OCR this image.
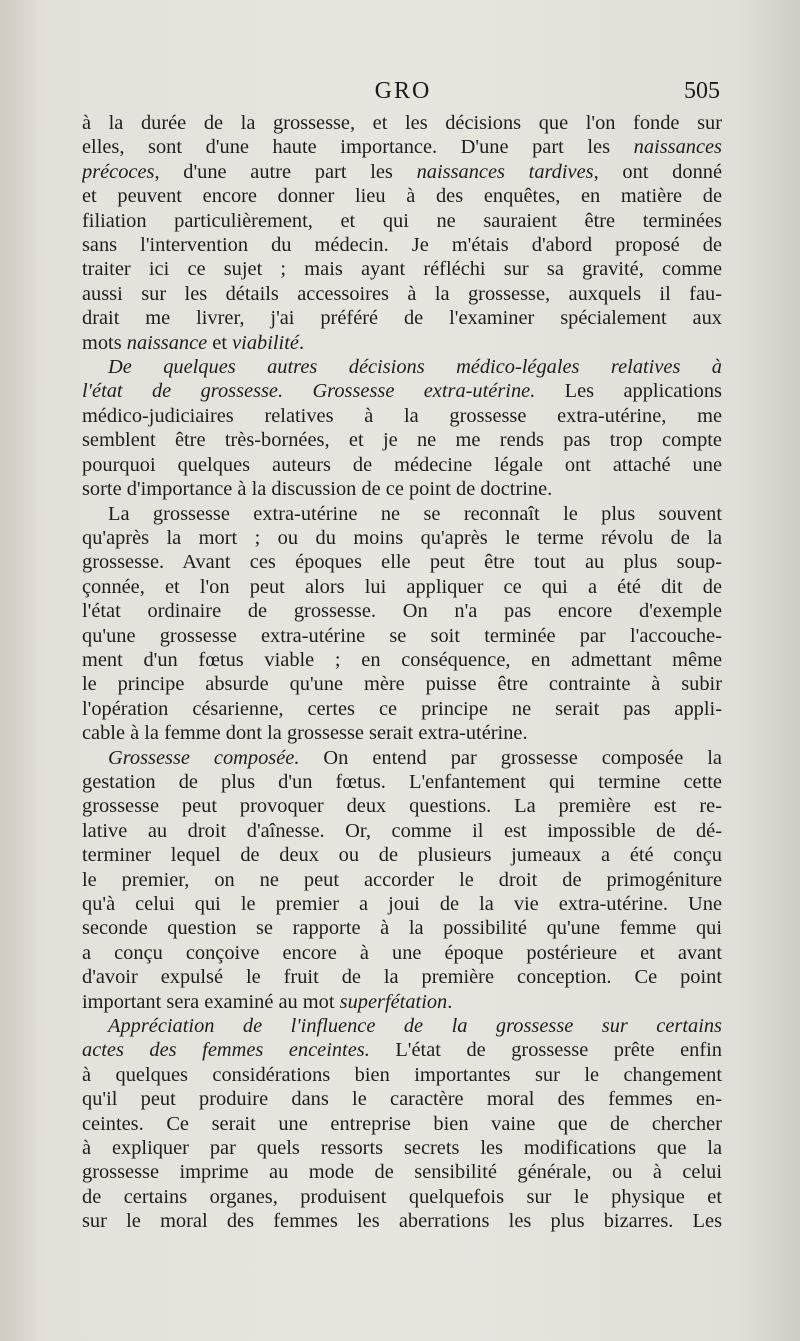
GRO	505
à la durée de la grossesse, et les décisions que l'on fonde sur
elles, sont d'une haute importance. D'une part les naissances
précoces, d'une autre part les naissances tardives, ont donné
et peuvent encore donner lieu à des enquêtes, en matière de
filiation particulièrement, et qui ne sauraient être terminées
sans l'intervention du médecin. Je m'étais d'abord proposé de
traiter ici ce sujet ; mais ayant réfléchi sur sa gravité, comme
aussi sur les détails accessoires à la grossesse, auxquels il fau-
drait me livrer, j'ai préféré de l'examiner spécialement aux
mots naissance et viabilité.
De quelques autres décisions médico-légales relatives à
l'état de grossesse. Grossesse extra-utérine. Les applications
médico-judiciaires relatives à la grossesse extra-utérine, me
semblent être très-bornées, et je ne me rends pas trop compte
pourquoi quelques auteurs de médecine légale ont attaché une
sorte d'importance à la discussion de ce point de doctrine.
La grossesse extra-utérine ne se reconnaît le plus souvent
qu'après la mort ; ou du moins qu'après le terme révolu de la
grossesse. Avant ces époques elle peut être tout au plus soup-
çonnée, et l'on peut alors lui appliquer ce qui a été dit de
l'état ordinaire de grossesse. On n'a pas encore d'exemple
qu'une grossesse extra-utérine se soit terminée par l'accouche-
ment d'un fœtus viable ; en conséquence, en admettant même
le principe absurde qu'une mère puisse être contrainte à subir
l'opération césarienne, certes ce principe ne serait pas appli-
cable à la femme dont la grossesse serait extra-utérine.
Grossesse composée. On entend par grossesse composée la
gestation de plus d'un fœtus. L'enfantement qui termine cette
grossesse peut provoquer deux questions. La première est re-
lative au droit d'aînesse. Or, comme il est impossible de dé-
terminer lequel de deux ou de plusieurs jumeaux a été conçu
le premier, on ne peut accorder le droit de primogéniture
qu'à celui qui le premier a joui de la vie extra-utérine. Une
seconde question se rapporte à la possibilité qu'une femme qui
a conçu conçoive encore à une époque postérieure et avant
d'avoir expulsé le fruit de la première conception. Ce point
important sera examiné au mot superfétation.
Appréciation de l'influence de la grossesse sur certains
actes des femmes enceintes. L'état de grossesse prête enfin
à quelques considérations bien importantes sur le changement
qu'il peut produire dans le caractère moral des femmes en-
ceintes. Ce serait une entreprise bien vaine que de chercher
à expliquer par quels ressorts secrets les modifications que la
grossesse imprime au mode de sensibilité générale, ou à celui
de certains organes, produisent quelquefois sur le physique et
sur le moral des femmes les aberrations les plus bizarres. Les
